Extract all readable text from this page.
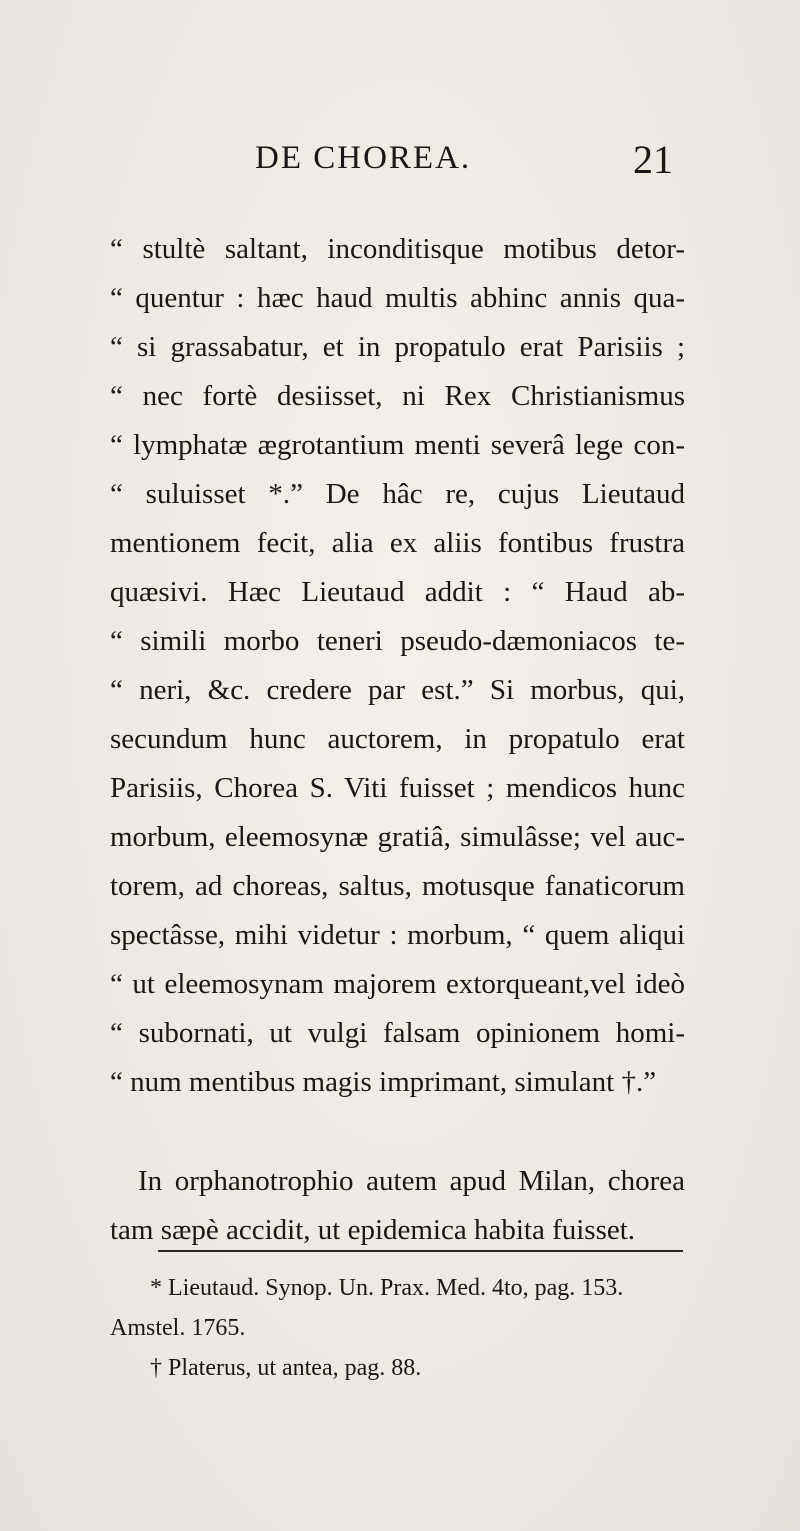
DE CHOREA.	21
“ stultè saltant, inconditisque motibus detor-
“ quentur : hæc haud multis abhinc annis qua-
“ si grassabatur, et in propatulo erat Parisiis ;
“ nec fortè desiisset, ni Rex Christianismus
“ lymphatæ ægrotantium menti severâ lege con-
“ suluisset *.” De hâc re, cujus Lieutaud
mentionem fecit, alia ex aliis fontibus frustra
quæsivi. Hæc Lieutaud addit : “ Haud ab-
“ simili morbo teneri pseudo-dæmoniacos te-
“ neri, &c. credere par est.” Si morbus, qui,
secundum hunc auctorem, in propatulo erat
Parisiis, Chorea S. Viti fuisset ; mendicos hunc
morbum, eleemosynæ gratiâ, simulâsse; vel auc-
torem, ad choreas, saltus, motusque fanaticorum
spectâsse, mihi videtur : morbum, “ quem aliqui
“ ut eleemosynam majorem extorqueant,vel ideò
“ subornati, ut vulgi falsam opinionem homi-
“ num mentibus magis imprimant, simulant †.”
In orphanotrophio autem apud Milan, chorea
tam sæpè accidit, ut epidemica habita fuisset.
* Lieutaud. Synop. Un. Prax. Med. 4to, pag. 153.
Amstel. 1765.
† Platerus, ut antea, pag. 88.
